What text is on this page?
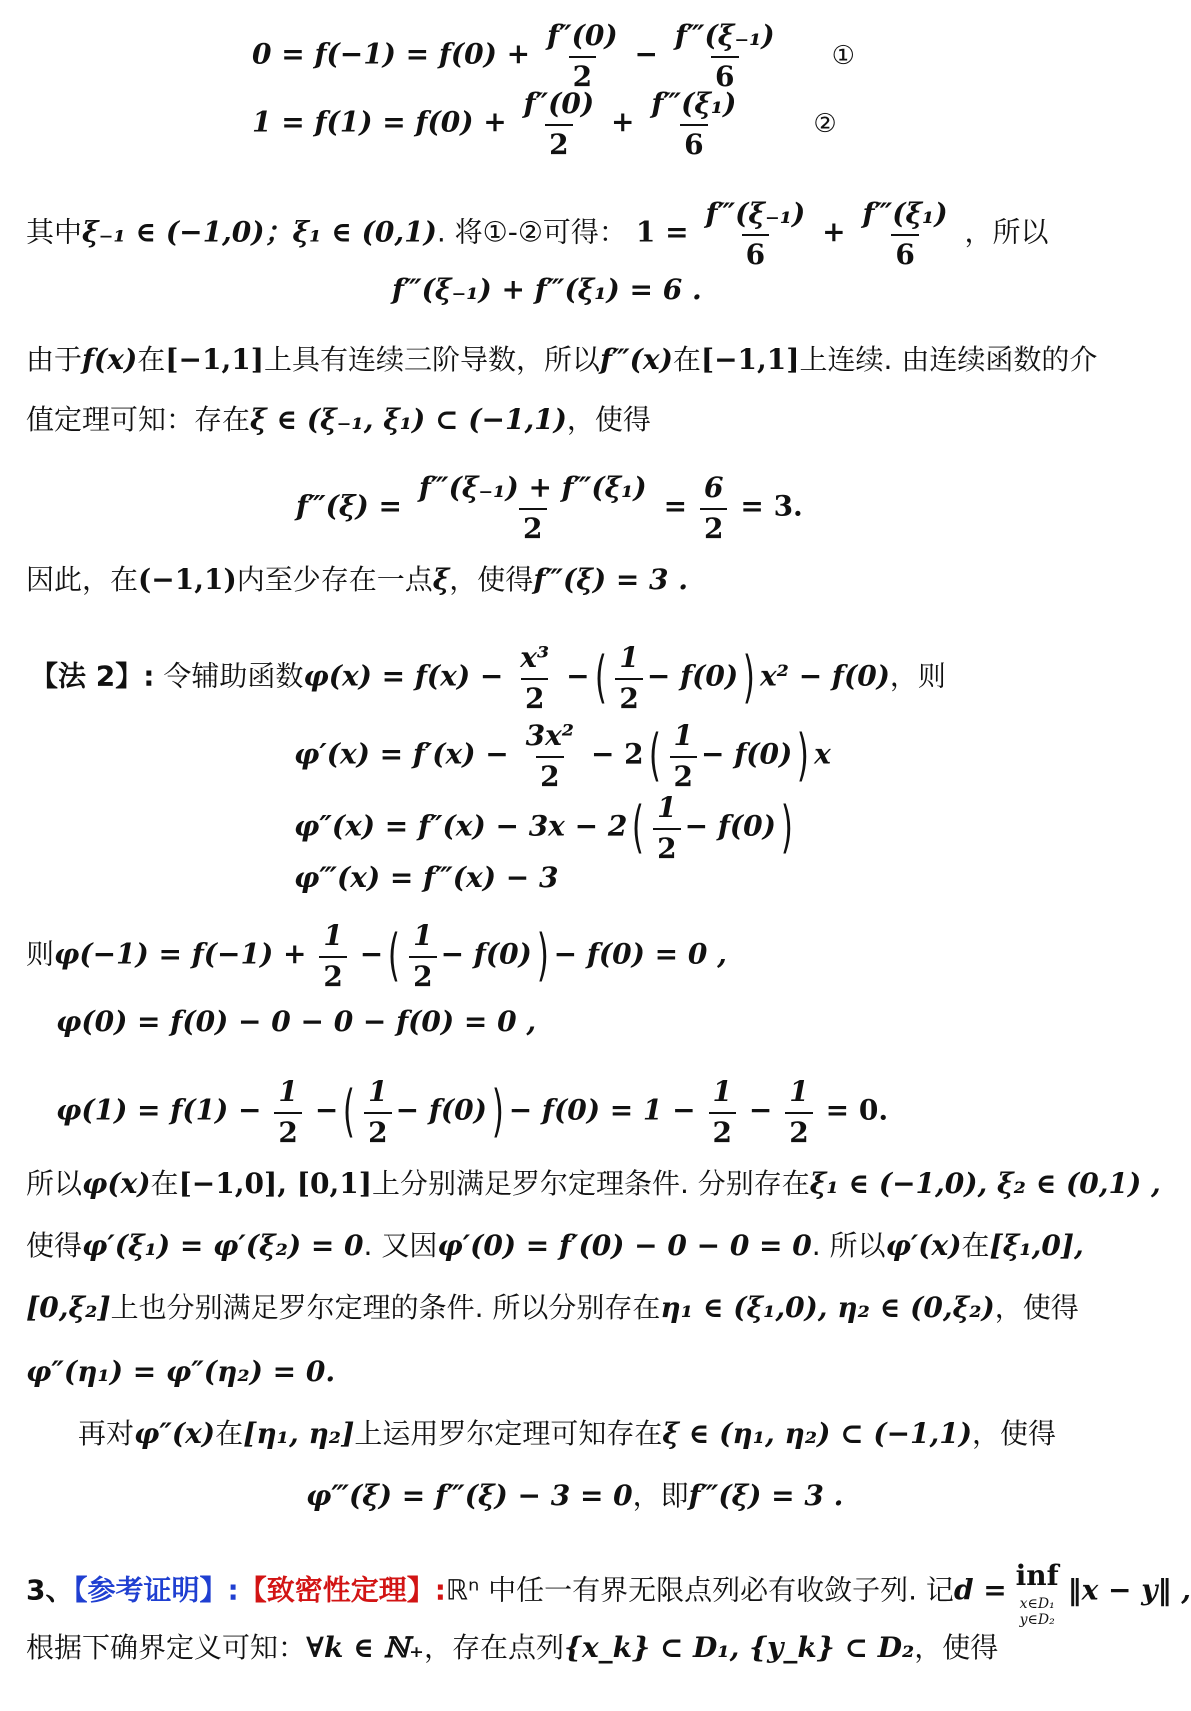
$0 = f(-1) = f(0) + \frac{f''(0)}{2} - \frac{\text{f‴(ξ₋₁)}}{6}$ ①
$1 = f(1) = f(0) + \frac{f''(0)}{2} + \frac{\text{f‴(ξ₁)}}{6}$	②
其中ξ₋₁ ∈ (−1,0)；ξ₁ ∈ (0,1). 将①-②可得： $1 = \frac{\text{f‴(ξ₋₁)}}{6} + \frac{\text{f‴(ξ₁)}}{6}$ ，所以
f‴(ξ₋₁) + f‴(ξ₁) = 6 .
由于f(x)在[−1,1]上具有连续三阶导数，所以f‴(x)在[−1,1]上连续. 由连续函数的介
值定理可知：存在ξ ∈ (ξ₋₁, ξ₁) ⊂ (−1,1)，使得
f‴(ξ) = $\frac{\text{f‴(ξ₋₁) + f‴(ξ₁)}}{2} = \frac{6}{2} = 3$.
因此，在(−1,1)内至少存在一点ξ，使得f‴(ξ) = 3 .
【法 2】: 令辅助函数$\varphi(x) = f(x) - \frac{\text{x³}}{2}$ −( $\frac{1}{2} - f(0)$) x² − f(0)，则
$\varphi'(x) = f'(x) - \frac{\text{3x²}}{2} - 2( \frac{1}{2} - f(0))$ x
$\varphi''(x) = f''(x) - 3x - 2( \frac{1}{2} - f(0))$
φ‴(x) = f‴(x) − 3
则$\varphi(-1) = f(-1) + \frac{1}{2}$ −( $\frac{1}{2} - f(0)) - f(0) = 0$ ,
φ(0) = f(0) − 0 − 0 − f(0) = 0 ,
$\varphi(1) = f(1) - \frac{1}{2}$ −( $\frac{1}{2} - f(0)) - f(0) = 1 - \frac{1}{2} - \frac{1}{2} = 0$.
所以φ(x)在[−1,0], [0,1]上分别满足罗尔定理条件. 分别存在ξ₁ ∈ (−1,0), ξ₂ ∈ (0,1) ,
使得φ′(ξ₁) = φ′(ξ₂) = 0. 又因φ′(0) = f′(0) − 0 − 0 = 0. 所以φ′(x)在[ξ₁,0],
[0,ξ₂]上也分别满足罗尔定理的条件. 所以分别存在η₁ ∈ (ξ₁,0), η₂ ∈ (0,ξ₂)，使得
φ″(η₁) = φ″(η₂) = 0.
再对φ″(x)在[η₁, η₂]上运用罗尔定理可知存在ξ ∈ (η₁, η₂) ⊂ (−1,1)，使得
φ‴(ξ) = f‴(ξ) − 3 = 0，即f‴(ξ) = 3 .
3、【参考证明】:【致密性定理】:ℝⁿ 中任一有界无限点列必有收敛子列. 记d = inf
x∈D₁
y∈D₂
‖x − y‖ ,
根据下确界定义可知：∀k ∈ ℕ₊，存在点列{x_k} ⊂ D₁, {y_k} ⊂ D₂，使得
